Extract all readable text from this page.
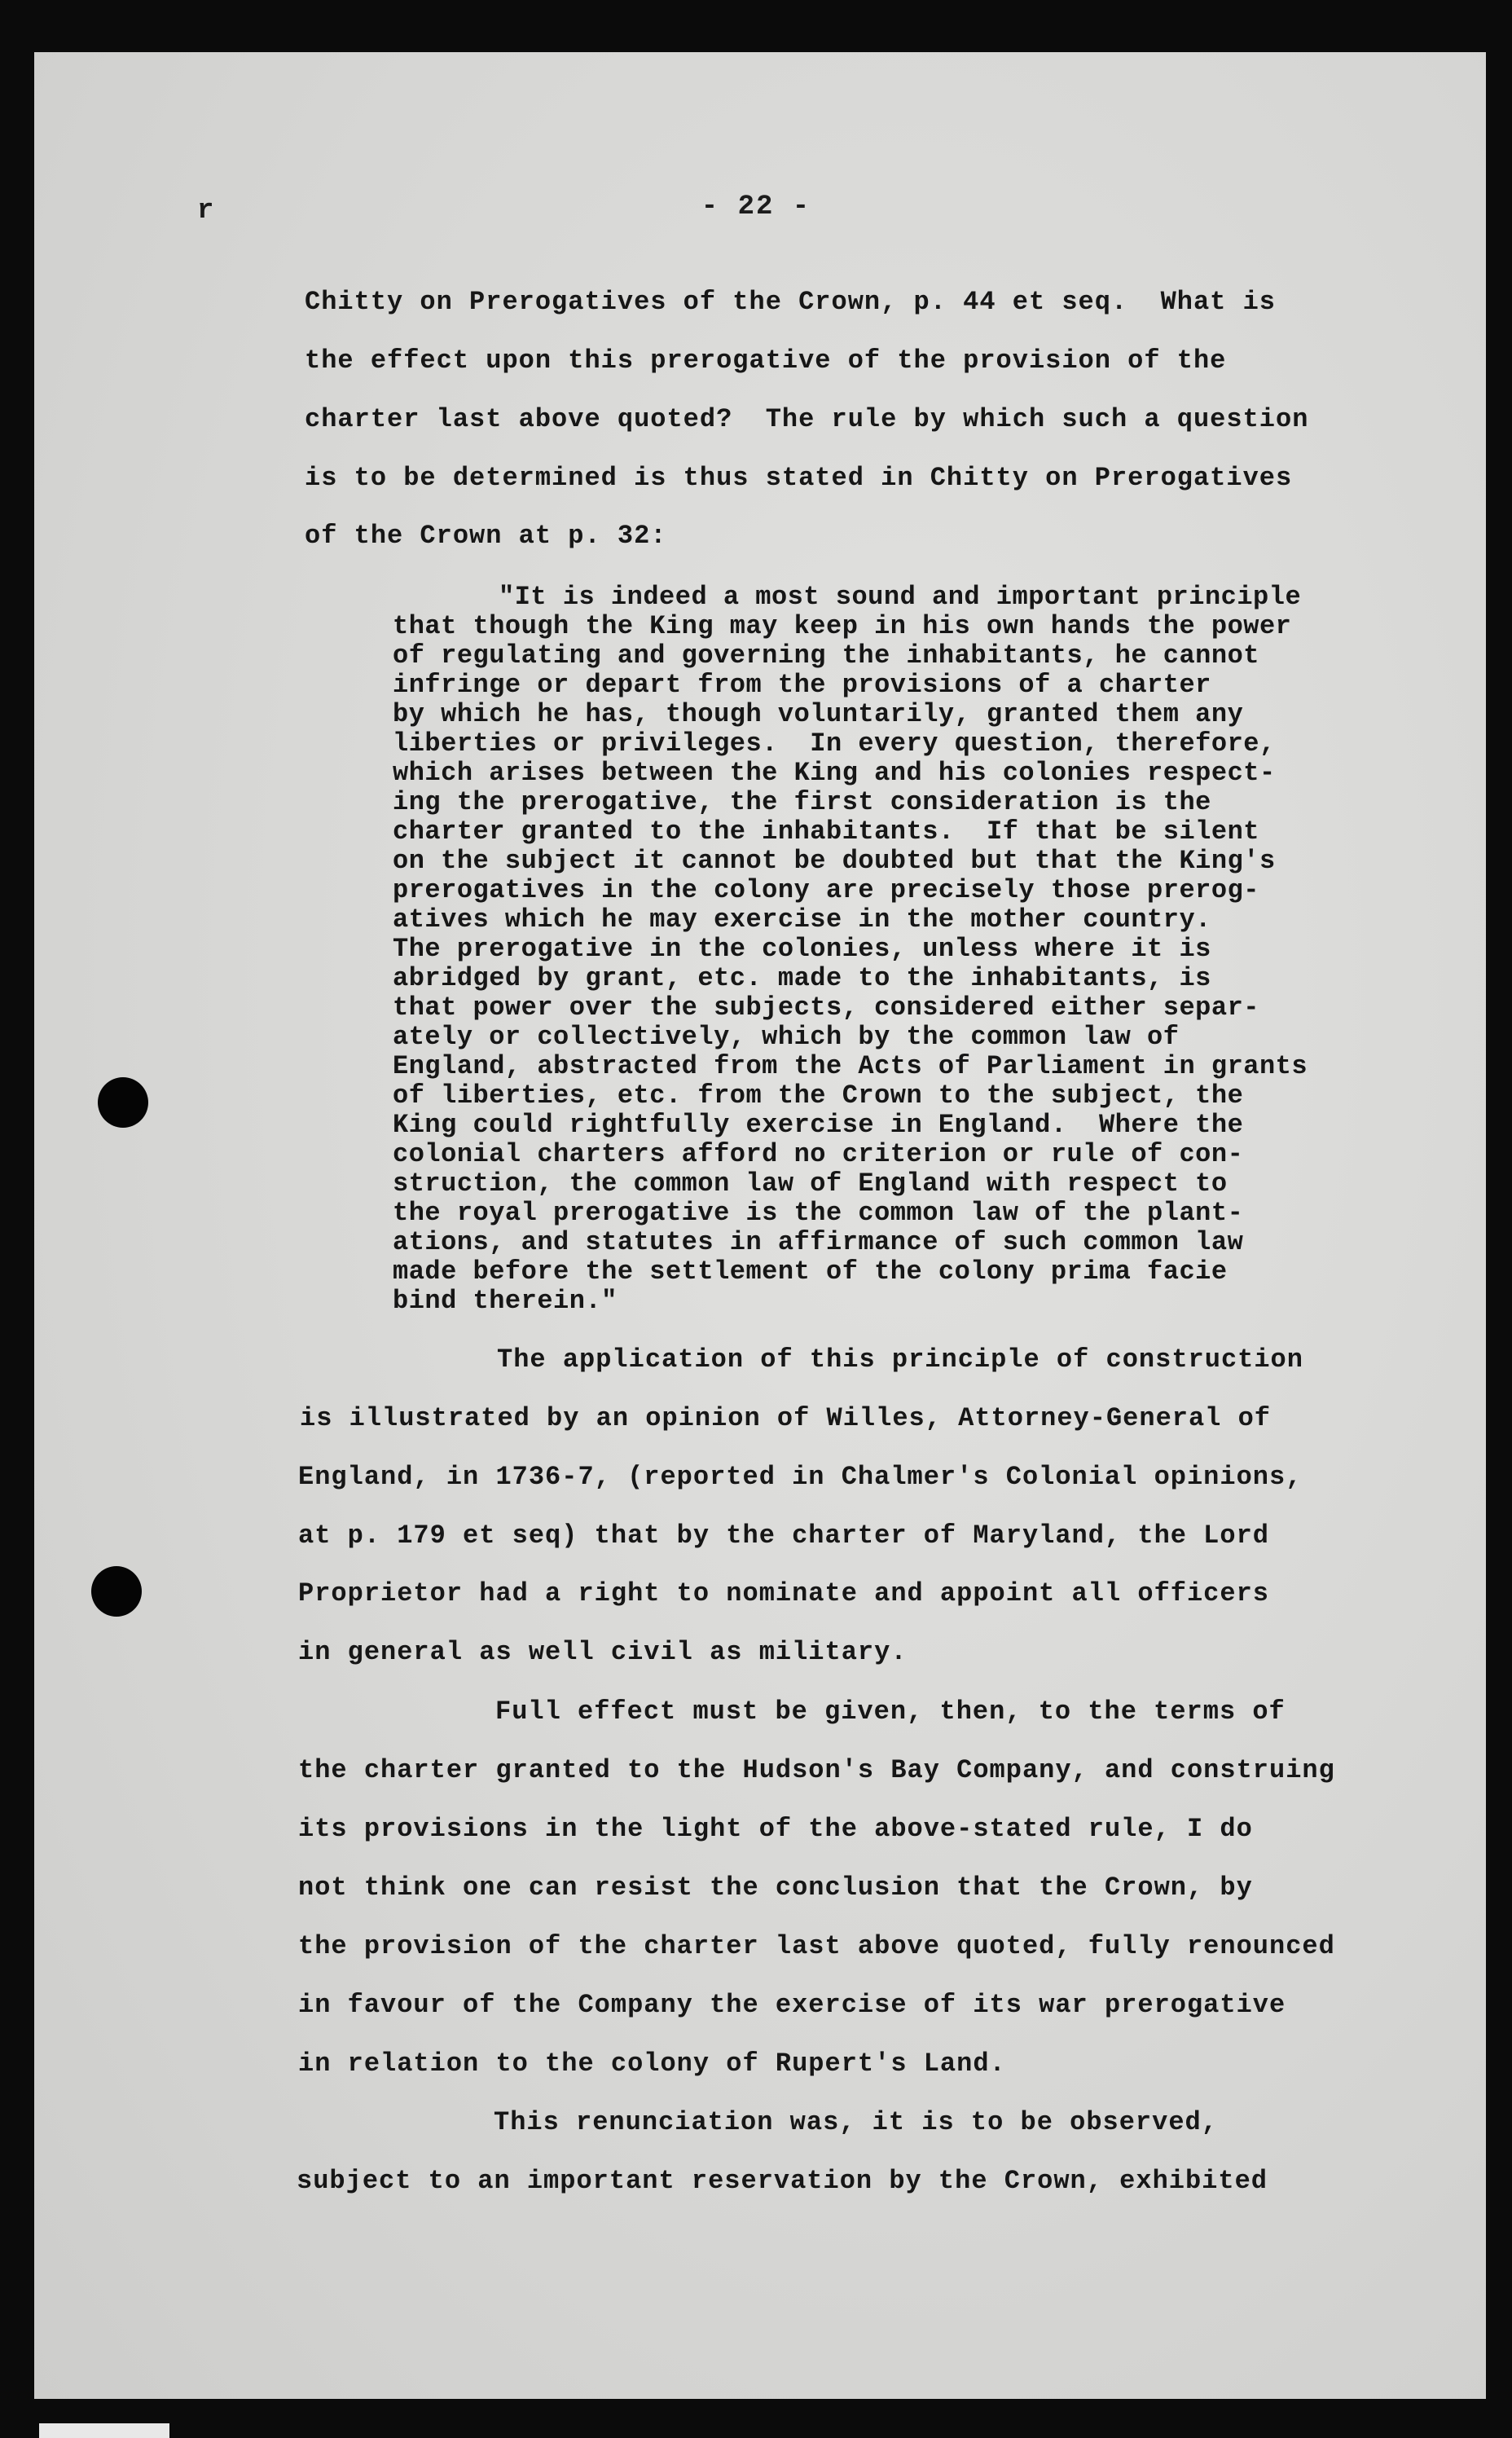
r	- 22 -
Chitty on Prerogatives of the Crown, p. 44 et seq.  What is
the effect upon this prerogative of the provision of the
charter last above quoted?  The rule by which such a question
is to be determined is thus stated in Chitty on Prerogatives
of the Crown at p. 32:
"It is indeed a most sound and important principle
that though the King may keep in his own hands the power
of regulating and governing the inhabitants, he cannot
infringe or depart from the provisions of a charter
by which he has, though voluntarily, granted them any
liberties or privileges.  In every question, therefore,
which arises between the King and his colonies respect-
ing the prerogative, the first consideration is the
charter granted to the inhabitants.  If that be silent
on the subject it cannot be doubted but that the King's
prerogatives in the colony are precisely those prerog-
atives which he may exercise in the mother country.
The prerogative in the colonies, unless where it is
abridged by grant, etc. made to the inhabitants, is
that power over the subjects, considered either separ-
ately or collectively, which by the common law of
England, abstracted from the Acts of Parliament in grants
of liberties, etc. from the Crown to the subject, the
King could rightfully exercise in England.  Where the
colonial charters afford no criterion or rule of con-
struction, the common law of England with respect to
the royal prerogative is the common law of the plant-
ations, and statutes in affirmance of such common law
made before the settlement of the colony prima facie
bind therein."
The application of this principle of construction
is illustrated by an opinion of Willes, Attorney-General of
England, in 1736-7, (reported in Chalmer's Colonial opinions,
at p. 179 et seq) that by the charter of Maryland, the Lord
Proprietor had a right to nominate and appoint all officers
in general as well civil as military.
Full effect must be given, then, to the terms of
the charter granted to the Hudson's Bay Company, and construing
its provisions in the light of the above-stated rule, I do
not think one can resist the conclusion that the Crown, by
the provision of the charter last above quoted, fully renounced
in favour of the Company the exercise of its war prerogative
in relation to the colony of Rupert's Land.
This renunciation was, it is to be observed,
subject to an important reservation by the Crown, exhibited
